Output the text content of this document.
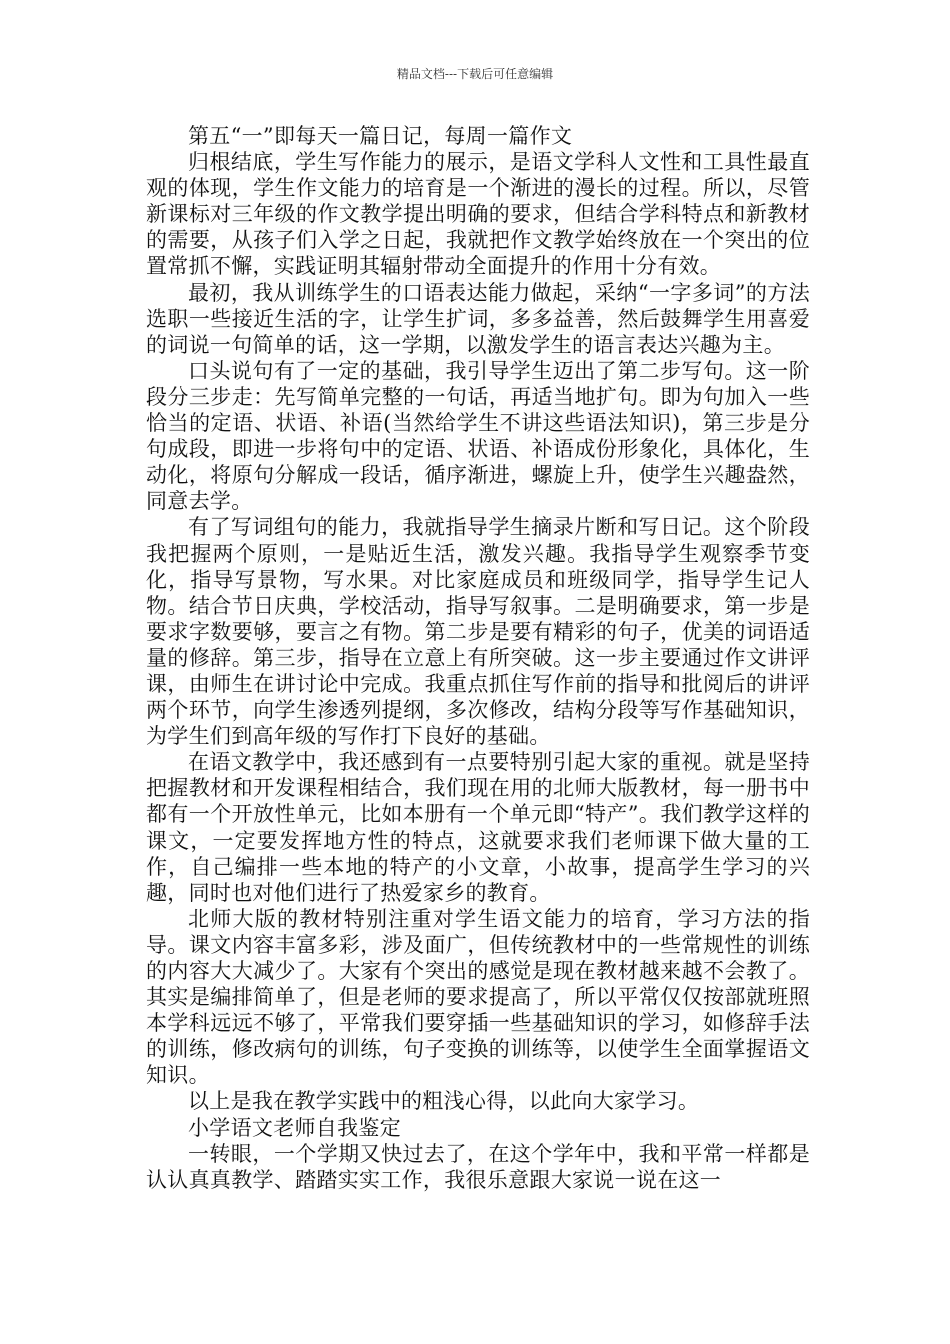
精品文档---下载后可任意编辑

第五“一”即每天一篇日记，每周一篇作文

归根结底，学生写作能力的展示，是语文学科人文性和工具性最直观的体现，学生作文能力的培育是一个渐进的漫长的过程。所以，尽管新课标对三年级的作文教学提出明确的要求，但结合学科特点和新教材的需要，从孩子们入学之日起，我就把作文教学始终放在一个突出的位置常抓不懈，实践证明其辐射带动全面提升的作用十分有效。

最初，我从训练学生的口语表达能力做起，采纳“一字多词”的方法选职一些接近生活的字，让学生扩词，多多益善，然后鼓舞学生用喜爱的词说一句简单的话，这一学期，以激发学生的语言表达兴趣为主。

口头说句有了一定的基础，我引导学生迈出了第二步写句。这一阶段分三步走：先写简单完整的一句话，再适当地扩句。即为句加入一些恰当的定语、状语、补语(当然给学生不讲这些语法知识)，第三步是分句成段，即进一步将句中的定语、状语、补语成份形象化，具体化，生动化，将原句分解成一段话，循序渐进，螺旋上升，使学生兴趣盎然，同意去学。

有了写词组句的能力，我就指导学生摘录片断和写日记。这个阶段我把握两个原则，一是贴近生活，激发兴趣。我指导学生观察季节变化，指导写景物，写水果。对比家庭成员和班级同学，指导学生记人物。结合节日庆典，学校活动，指导写叙事。二是明确要求，第一步是要求字数要够，要言之有物。第二步是要有精彩的句子，优美的词语适量的修辞。第三步，指导在立意上有所突破。这一步主要通过作文讲评课，由师生在讲讨论中完成。我重点抓住写作前的指导和批阅后的讲评两个环节，向学生渗透列提纲，多次修改，结构分段等写作基础知识，为学生们到高年级的写作打下良好的基础。

在语文教学中，我还感到有一点要特别引起大家的重视。就是坚持把握教材和开发课程相结合，我们现在用的北师大版教材，每一册书中都有一个开放性单元，比如本册有一个单元即“特产”。我们教学这样的课文，一定要发挥地方性的特点，这就要求我们老师课下做大量的工作，自己编排一些本地的特产的小文章，小故事，提高学生学习的兴趣，同时也对他们进行了热爱家乡的教育。

北师大版的教材特别注重对学生语文能力的培育，学习方法的指导。课文内容丰富多彩，涉及面广，但传统教材中的一些常规性的训练的内容大大减少了。大家有个突出的感觉是现在教材越来越不会教了。其实是编排简单了，但是老师的要求提高了，所以平常仅仅按部就班照本学科远远不够了，平常我们要穿插一些基础知识的学习，如修辞手法的训练，修改病句的训练，句子变换的训练等，以使学生全面掌握语文知识。

以上是我在教学实践中的粗浅心得，以此向大家学习。

小学语文老师自我鉴定

一转眼，一个学期又快过去了，在这个学年中，我和平常一样都是认认真真教学、踏踏实实工作，我很乐意跟大家说一说在这一
